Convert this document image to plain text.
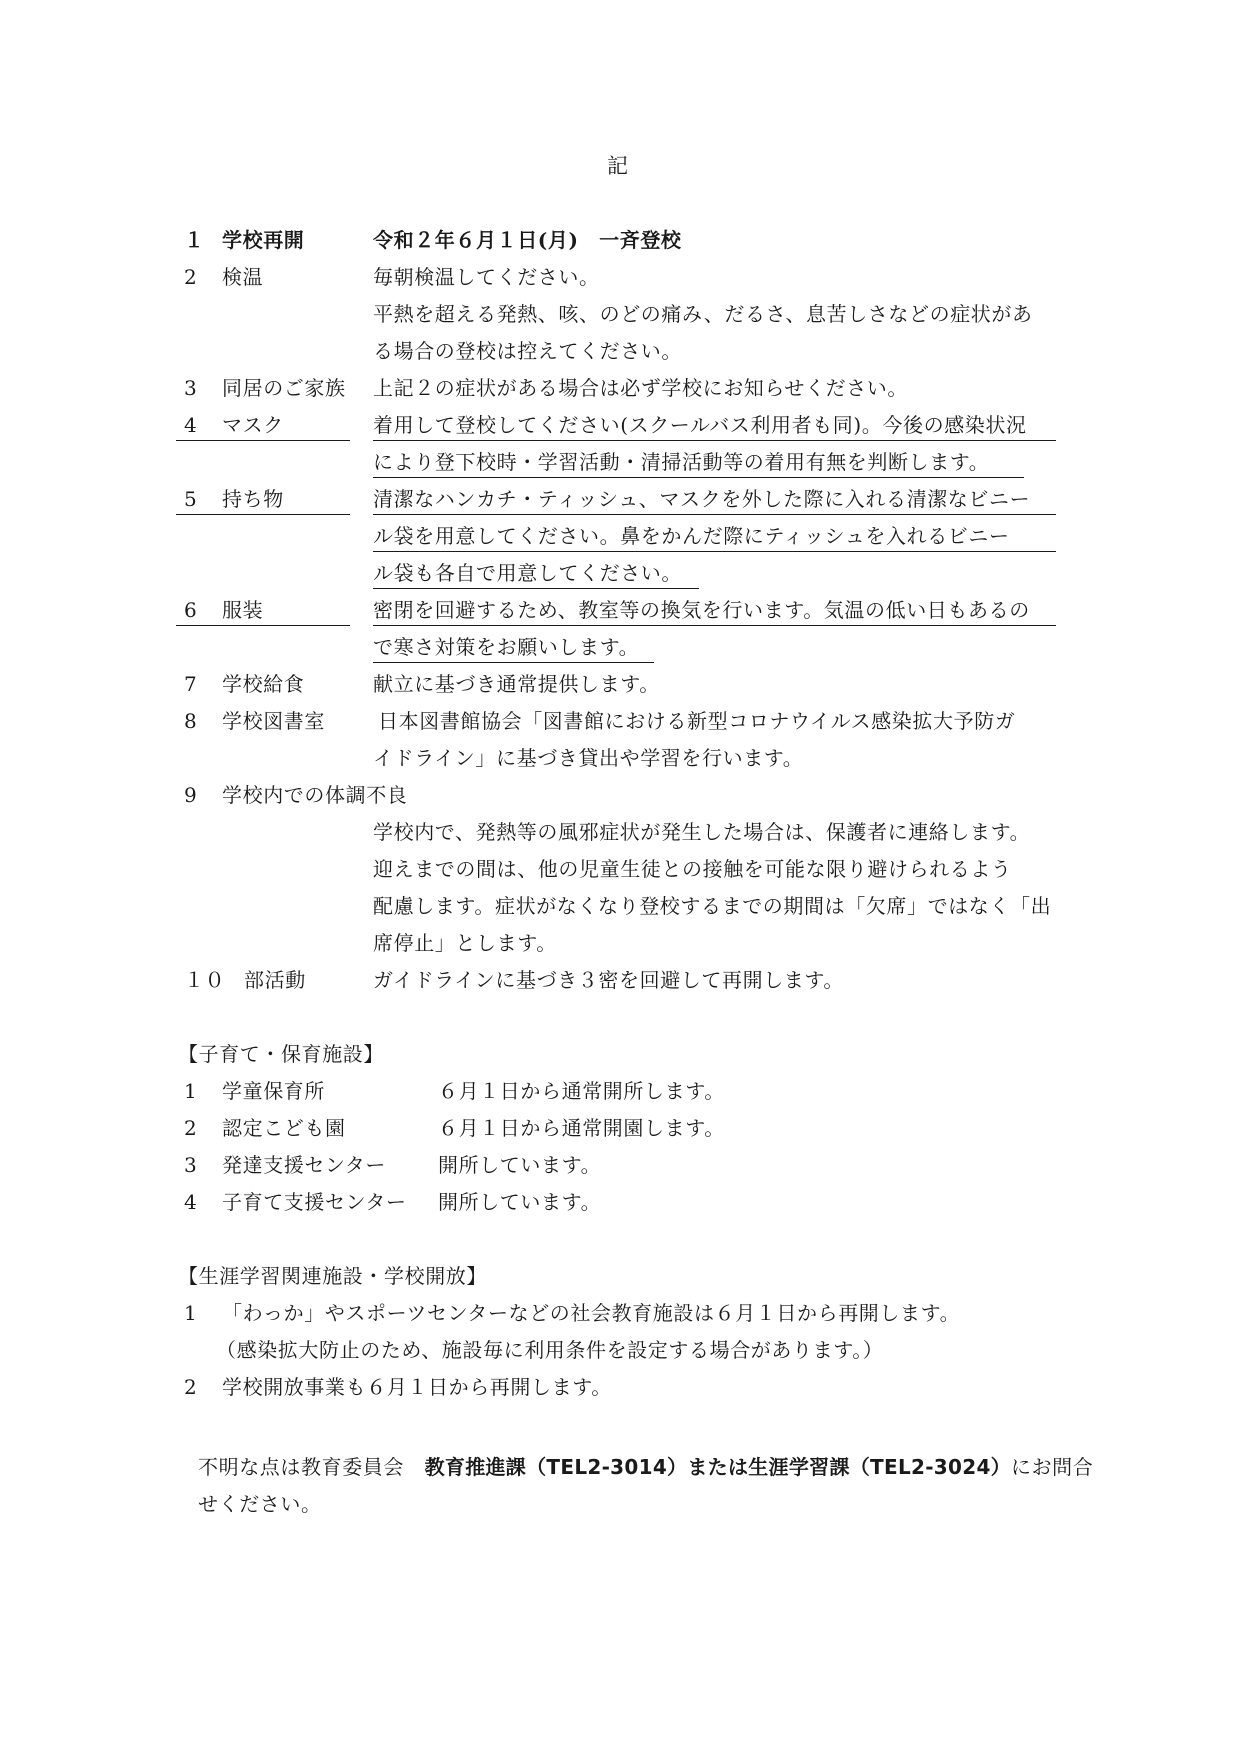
記
１ 学校再開	令和２年６月１日(月)　一斉登校
2 検温	毎朝検温してください。
平熱を超える発熱、咳、のどの痛み、だるさ、息苦しさなどの症状があ
る場合の登校は控えてください。
3 同居のご家族 上記２の症状がある場合は必ず学校にお知らせください。
4 マスク	着用して登校してください(スクールバス利用者も同)。今後の感染状況
により登下校時・学習活動・清掃活動等の着用有無を判断します。
5 持ち物	清潔なハンカチ・ティッシュ、マスクを外した際に入れる清潔なビニー
ル袋を用意してください。鼻をかんだ際にティッシュを入れるビニー
ル袋も各自で用意してください。
6 服装	密閉を回避するため、教室等の換気を行います。気温の低い日もあるの
で寒さ対策をお願いします。
7 学校給食	献立に基づき通常提供します。
8 学校図書室	日本図書館協会「図書館における新型コロナウイルス感染拡大予防ガ
イドライン」に基づき貸出や学習を行います。
9 学校内での体調不良
学校内で、発熱等の風邪症状が発生した場合は、保護者に連絡します。
迎えまでの間は、他の児童生徒との接触を可能な限り避けられるよう
配慮します。症状がなくなり登校するまでの期間は「欠席」ではなく「出
席停止」とします。
１０ 部活動	ガイドラインに基づき３密を回避して再開します。
【子育て・保育施設】
1 学童保育所	６月１日から通常開所します。
2 認定こども園	６月１日から通常開園します。
3 発達支援センター	開所しています。
4 子育て支援センター 開所しています。
【生涯学習関連施設・学校開放】
1 「わっか」やスポーツセンターなどの社会教育施設は６月１日から再開します。
（感染拡大防止のため、施設毎に利用条件を設定する場合があります。）
2 学校開放事業も６月１日から再開します。
不明な点は教育委員会　教育推進課（TEL2-3014）または生涯学習課（TEL2-3024）にお問合
せください。
